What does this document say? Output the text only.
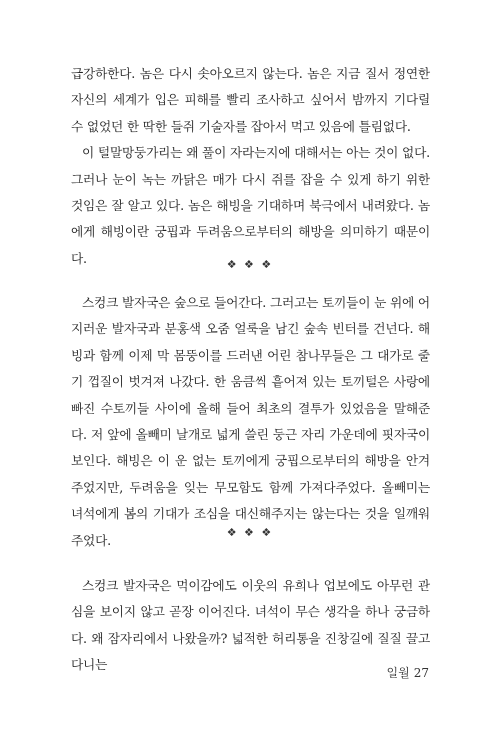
급강하한다. 놈은 다시 솟아오르지 않는다. 놈은 지금 질서 정연한 자신의 세계가 입은 피해를 빨리 조사하고 싶어서 밤까지 기다릴 수 없었던 한 딱한 들쥐 기술자를 잡아서 먹고 있음에 틀림없다.

이 털말망둥가리는 왜 풀이 자라는지에 대해서는 아는 것이 없다. 그러나 눈이 녹는 까닭은 매가 다시 쥐를 잡을 수 있게 하기 위한 것임은 잘 알고 있다. 놈은 해빙을 기대하며 북극에서 내려왔다. 놈에게 해빙이란 궁핍과 두려움으로부터의 해방을 의미하기 때문이다.	❖ ❖ ❖

스컹크 발자국은 숲으로 들어간다. 그러고는 토끼들이 눈 위에 어지러운 발자국과 분홍색 오줌 얼룩을 남긴 숲속 빈터를 건넌다. 해빙과 함께 이제 막 몸뚱이를 드러낸 어린 참나무들은 그 대가로 줄기 껍질이 벗겨져 나갔다. 한 움큼씩 흩어져 있는 토끼털은 사랑에 빠진 수토끼들 사이에 올해 들어 최초의 결투가 있었음을 말해준다. 저 앞에 올빼미 날개로 넓게 쓸린 둥근 자리 가운데에 핏자국이 보인다. 해빙은 이 운 없는 토끼에게 궁핍으로부터의 해방을 안겨주었지만, 두려움을 잊는 무모함도 함께 가져다주었다. 올빼미는 녀석에게 봄의 기대가 조심을 대신해주지는 않는다는 것을 일깨워주었다.

❖ ❖ ❖

스컹크 발자국은 먹이감에도 이웃의 유희나 업보에도 아무런 관심을 보이지 않고 곧장 이어진다. 녀석이 무슨 생각을 하나 궁금하다. 왜 잠자리에서 나왔을까? 넓적한 허리통을 진창길에 질질 끌고 다니는

일월 27
